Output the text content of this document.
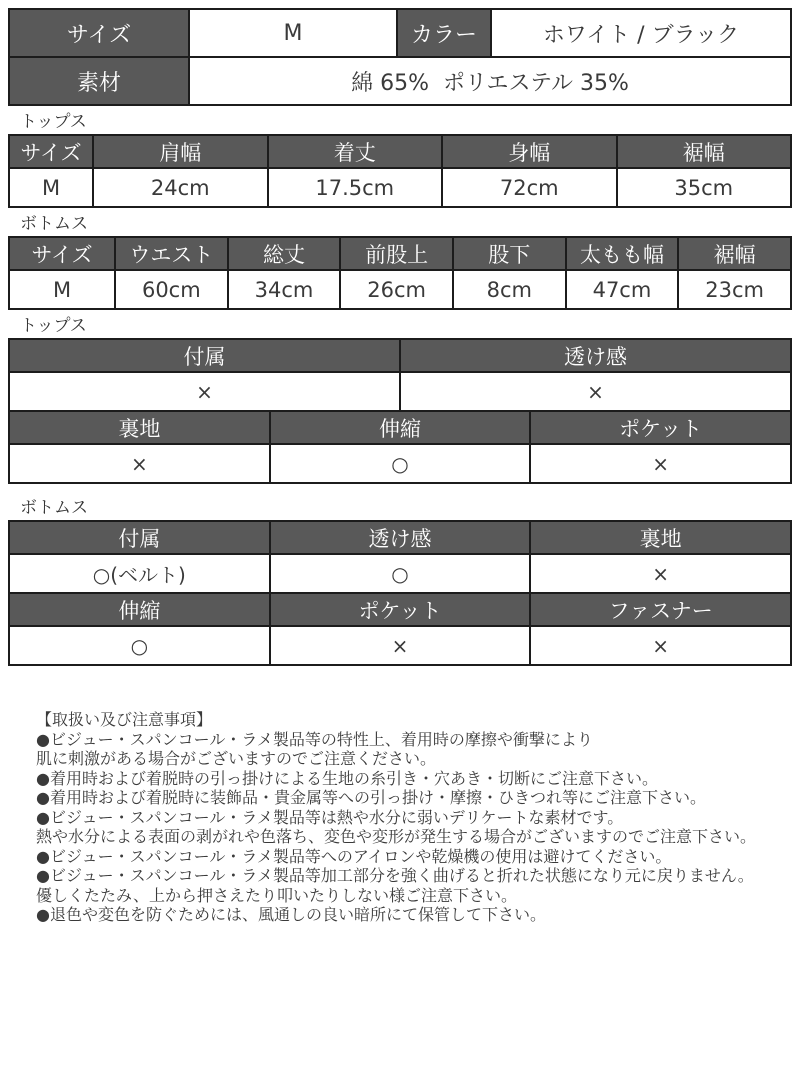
サイズ	M	カラー	ホワイト / ブラック
素材	綿 65%  ポリエステル 35%		
トップス
サイズ	肩幅	着丈	身幅	裾幅
M	24cm	17.5cm	72cm	35cm
ボトムス
サイズ	ウエスト	総丈	前股上	股下	太もも幅	裾幅
M	60cm	34cm	26cm	8cm	47cm	23cm
トップス
付属	透け感
×	×
裏地	伸縮	ポケット
×	○	×
ボトムス
付属	透け感	裏地
○(ベルト)	○	×
伸縮	ポケット	ファスナー
○	×	×
【取扱い及び注意事項】
●ビジュー・スパンコール・ラメ製品等の特性上、着用時の摩擦や衝撃により
肌に刺激がある場合がございますのでご注意ください。
●着用時および着脱時の引っ掛けによる生地の糸引き・穴あき・切断にご注意下さい。
●着用時および着脱時に装飾品・貴金属等への引っ掛け・摩擦・ひきつれ等にご注意下さい。
●ビジュー・スパンコール・ラメ製品等は熱や水分に弱いデリケートな素材です。
熱や水分による表面の剥がれや色落ち、変色や変形が発生する場合がございますのでご注意下さい。
●ビジュー・スパンコール・ラメ製品等へのアイロンや乾燥機の使用は避けてください。
●ビジュー・スパンコール・ラメ製品等加工部分を強く曲げると折れた状態になり元に戻りません。
優しくたたみ、上から押さえたり叩いたりしない様ご注意下さい。
●退色や変色を防ぐためには、風通しの良い暗所にて保管して下さい。
